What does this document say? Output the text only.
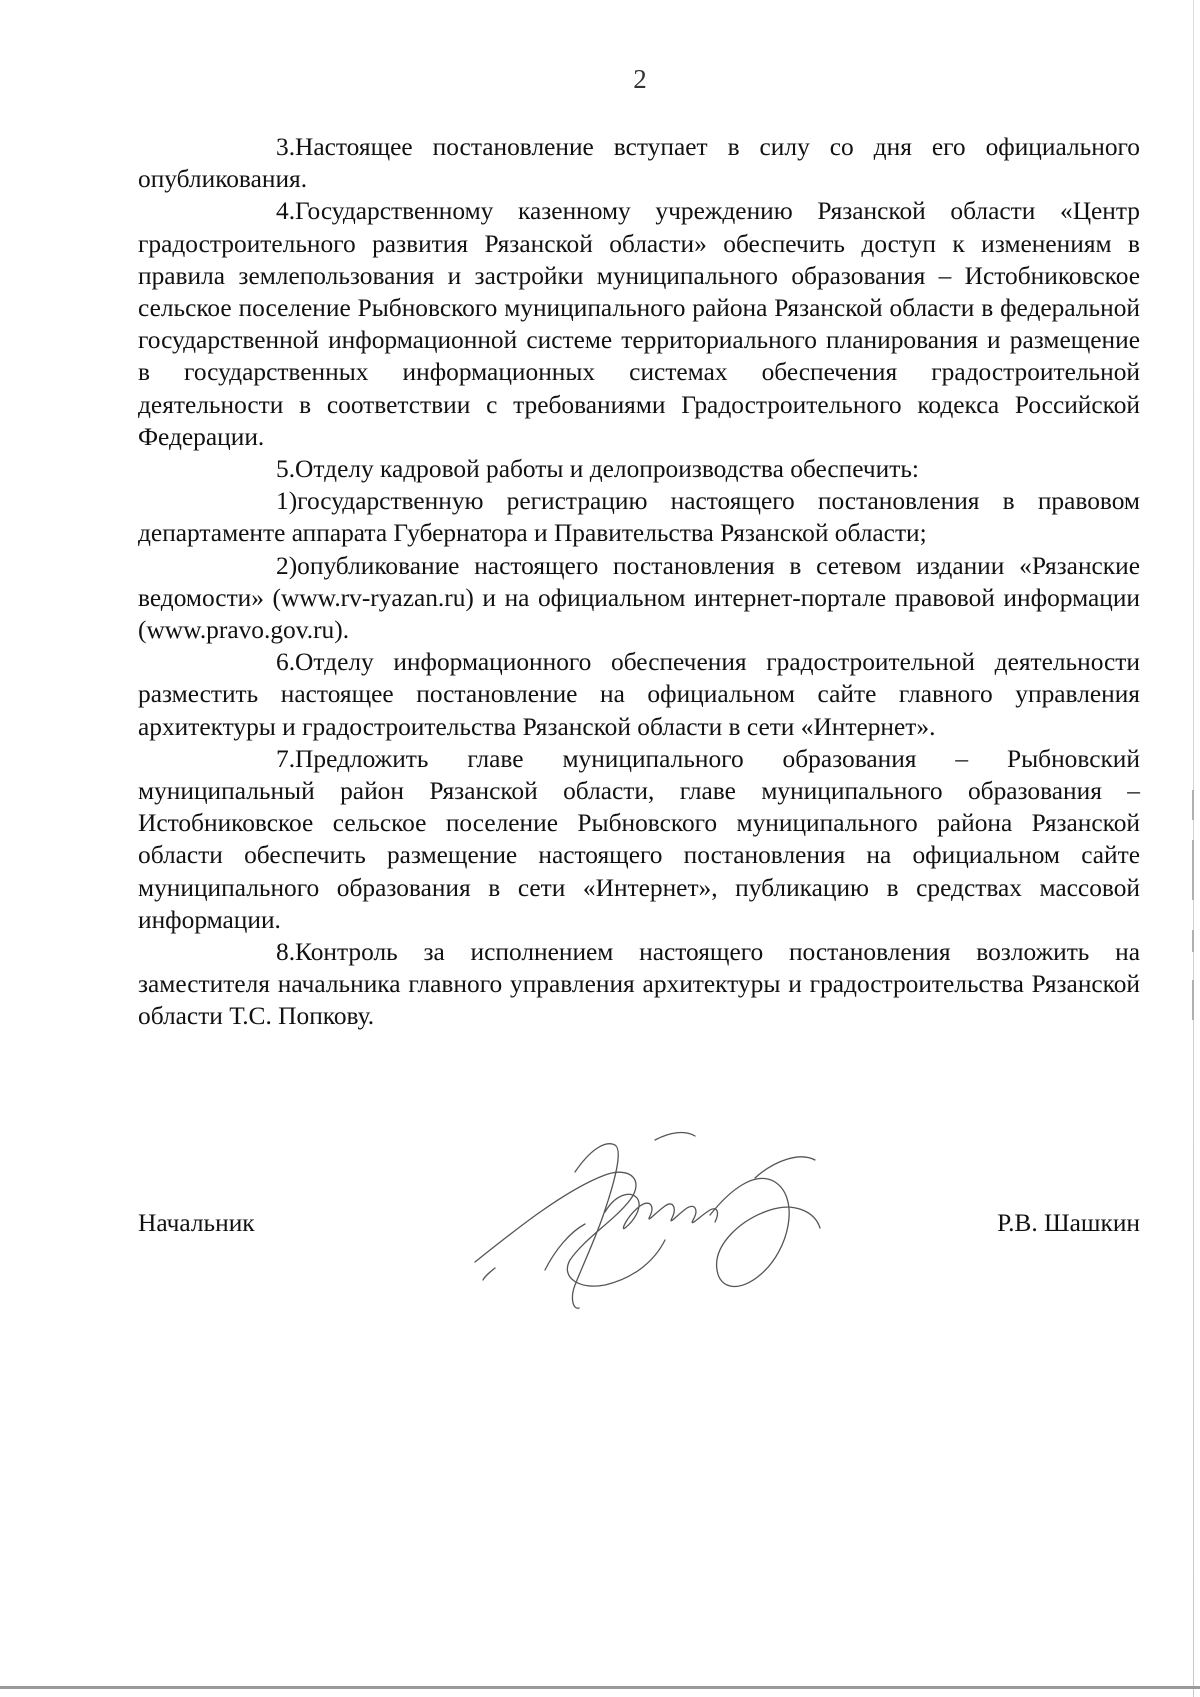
2

3.Настоящее постановление вступает в силу со дня его официального опубликования.

4.Государственному казенному учреждению Рязанской области «Центр градостроительного развития Рязанской области» обеспечить доступ к изменениям в правила землепользования и застройки муниципального образования – Истобниковское сельское поселение Рыбновского муниципального района Рязанской области в федеральной государственной информационной системе территориального планирования и размещение в государственных информационных системах обеспечения градостроительной деятельности в соответствии с требованиями Градостроительного кодекса Российской Федерации.

5.Отделу кадровой работы и делопроизводства обеспечить:

1)государственную регистрацию настоящего постановления в правовом департаменте аппарата Губернатора и Правительства Рязанской области;

2)опубликование настоящего постановления в сетевом издании «Рязанские ведомости» (www.rv-ryazan.ru) и на официальном интернет-портале правовой информации (www.pravo.gov.ru).

6.Отделу информационного обеспечения градостроительной деятельности разместить настоящее постановление на официальном сайте главного управления архитектуры и градостроительства Рязанской области в сети «Интернет».

7.Предложить главе муниципального образования – Рыбновский муниципальный район Рязанской области, главе муниципального образования – Истобниковское сельское поселение Рыбновского муниципального района Рязанской области обеспечить размещение настоящего постановления на официальном сайте муниципального образования в сети «Интернет», публикацию в средствах массовой информации.

8.Контроль за исполнением настоящего постановления возложить на заместителя начальника главного управления архитектуры и градостроительства Рязанской области Т.С. Попкову.

Начальник	Р.В. Шашкин
